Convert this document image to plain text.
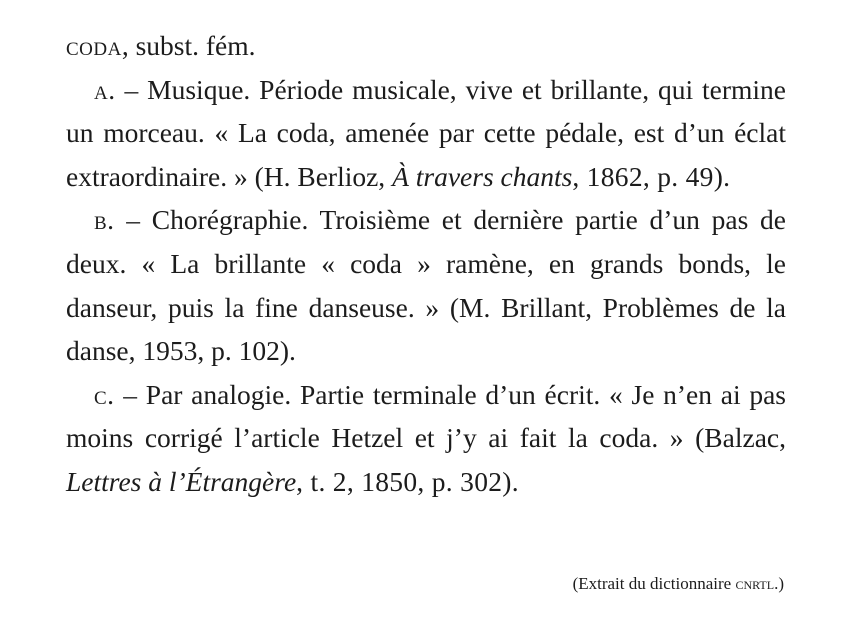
coda, subst. fém.

a. – Musique. Période musicale, vive et brillante, qui termine un morceau. « La coda, amenée par cette pédale, est d’un éclat extraordinaire. » (H. Berlioz, À travers chants, 1862, p. 49).

b. – Chorégraphie. Troisième et dernière partie d’un pas de deux. « La brillante « coda » ramène, en grands bonds, le danseur, puis la fine danseuse. » (M. Brillant, Problèmes de la danse, 1953, p. 102).

c. – Par analogie. Partie terminale d’un écrit. « Je n’en ai pas moins corrigé l’article Hetzel et j’y ai fait la coda. » (Balzac, Lettres à l’Étrangère, t. 2, 1850, p. 302).

(Extrait du dictionnaire cnrtl.)
